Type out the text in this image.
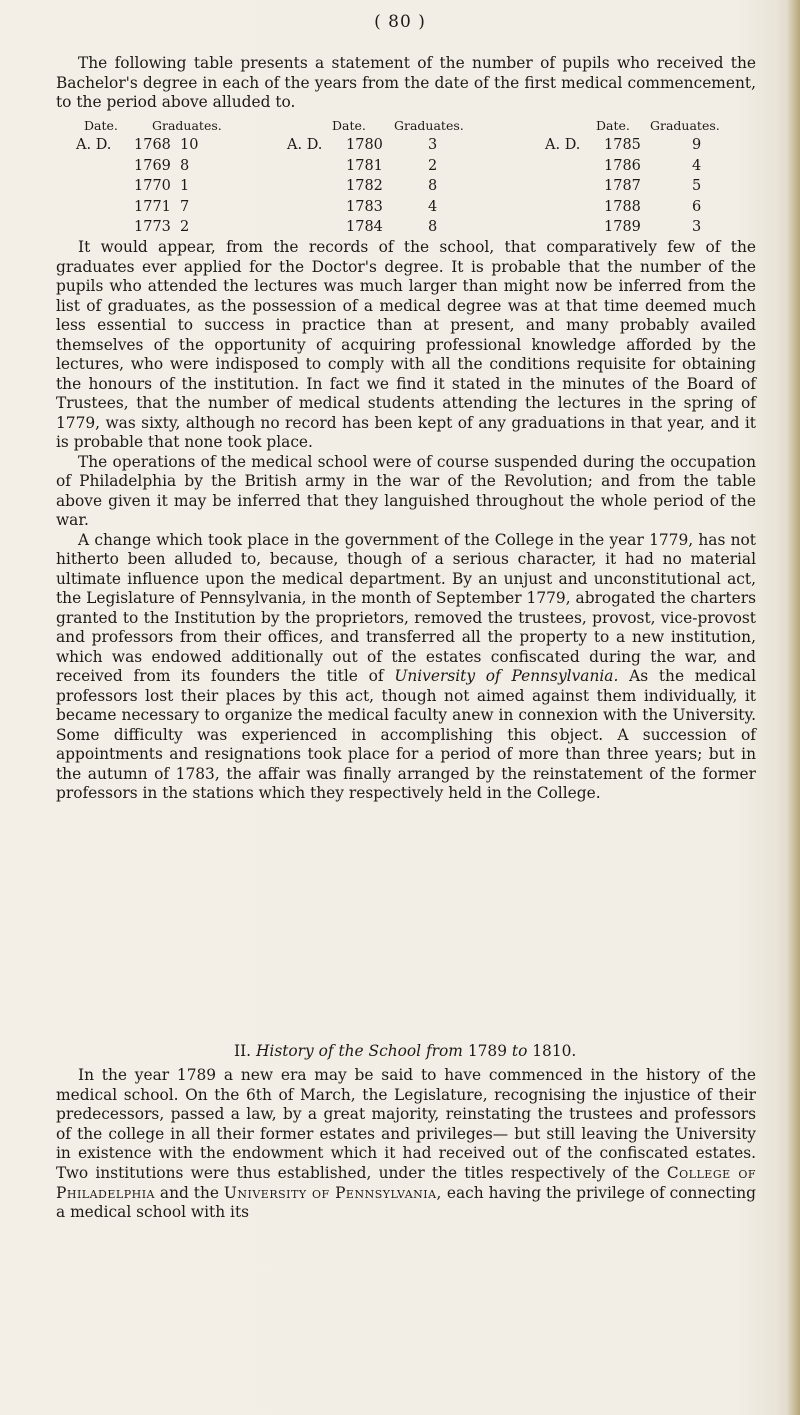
( 80 )

The following table presents a statement of the number of pupils who received the Bachelor's degree in each of the years from the date of the first medical commencement, to the period above alluded to.

Date.	Graduates.	Date. Graduates.	Date. Graduates.
A. D. 1768 10	A. D. 1780	3	A. D. 1785	9
1769 8	1781	2	1786	4
1770 1	1782	8	1787	5
1771 7	1783	4	1788	6
1773 2	1784	8	1789	3

It would appear, from the records of the school, that comparatively few of the graduates ever applied for the Doctor's degree. It is probable that the number of the pupils who attended the lectures was much larger than might now be inferred from the list of graduates, as the possession of a medical degree was at that time deemed much less essential to success in practice than at present, and many probably availed themselves of the opportunity of acquiring professional knowledge afforded by the lectures, who were indisposed to comply with all the conditions requisite for obtaining the honours of the institution. In fact we find it stated in the minutes of the Board of Trustees, that the number of medical students attending the lectures in the spring of 1779, was sixty, although no record has been kept of any graduations in that year, and it is probable that none took place.

The operations of the medical school were of course suspended during the occupation of Philadelphia by the British army in the war of the Revolution; and from the table above given it may be inferred that they languished throughout the whole period of the war.

A change which took place in the government of the College in the year 1779, has not hitherto been alluded to, because, though of a serious character, it had no material ultimate influence upon the medical department. By an unjust and unconstitutional act, the Legislature of Pennsylvania, in the month of September 1779, abrogated the charters granted to the Institution by the proprietors, removed the trustees, provost, vice-provost and professors from their offices, and transferred all the property to a new institution, which was endowed additionally out of the estates confiscated during the war, and received from its founders the title of University of Pennsylvania. As the medical professors lost their places by this act, though not aimed against them individually, it became necessary to organize the medical faculty anew in connexion with the University. Some difficulty was experienced in accomplishing this object. A succession of appointments and resignations took place for a period of more than three years; but in the autumn of 1783, the affair was finally arranged by the reinstatement of the former professors in the stations which they respectively held in the College.

II. History of the School from 1789 to 1810.

In the year 1789 a new era may be said to have commenced in the history of the medical school. On the 6th of March, the Legislature, recognising the injustice of their predecessors, passed a law, by a great majority, reinstating the trustees and professors of the college in all their former estates and privileges— but still leaving the University in existence with the endowment which it had received out of the confiscated estates. Two institutions were thus established, under the titles respectively of the College of Philadelphia and the University of Pennsylvania, each having the privilege of connecting a medical school with its
